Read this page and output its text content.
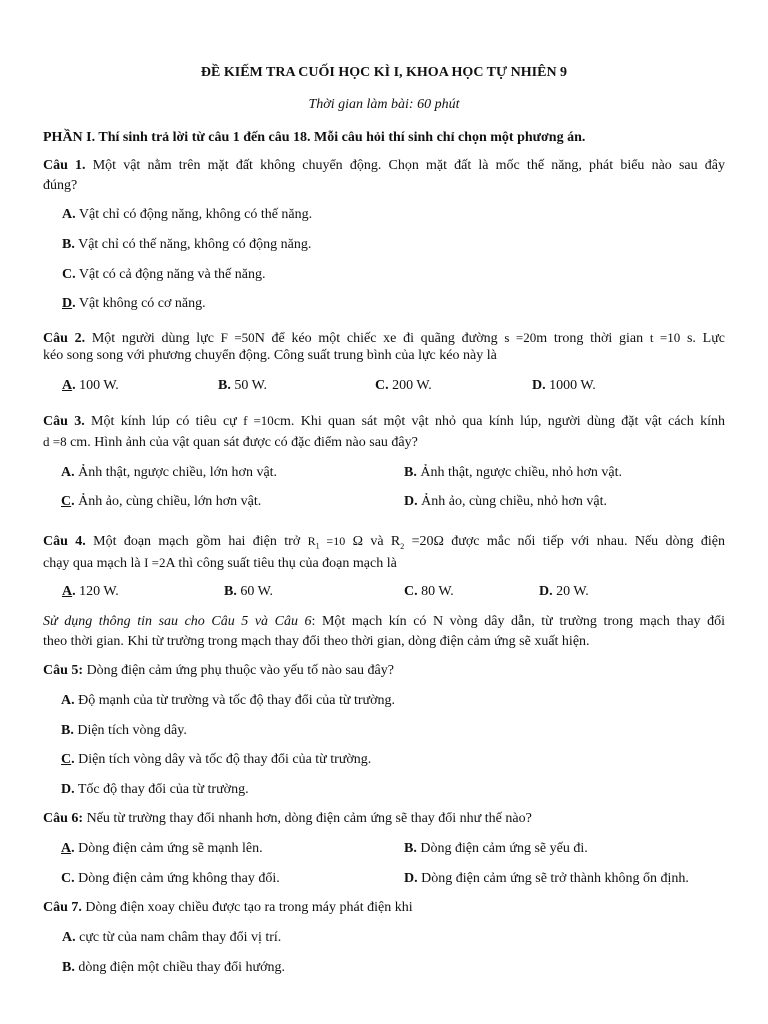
ĐỀ KIẾM TRA CUỐI HỌC KÌ I, KHOA HỌC TỰ NHIÊN 9
Thời gian làm bài: 60 phút
PHẦN I. Thí sinh trả lời từ câu 1 đến câu 18. Mỗi câu hỏi thí sinh chỉ chọn một phương án.
Câu 1. Một vật nằm trên mặt đất không chuyển động. Chọn mặt đất là mốc thế năng, phát biểu nào sau đây
đúng?
A. Vật chỉ có động năng, không có thế năng.
B. Vật chỉ có thế năng, không có động năng.
C. Vật có cả động năng và thế năng.
D. Vật không có cơ năng.
Câu 2. Một người dùng lực F =50N để kéo một chiếc xe đi quãng đường s =20m trong thời gian t =10 s. Lực
kéo song song với phương chuyển động. Công suất trung bình của lực kéo này là
A. 100 W.	B. 50 W.	C. 200 W.	D. 1000 W.
Câu 3. Một kính lúp có tiêu cự f =10cm. Khi quan sát một vật nhỏ qua kính lúp, người dùng đặt vật cách kính
d =8 cm. Hình ảnh của vật quan sát được có đặc điểm nào sau đây?
A. Ảnh thật, ngược chiều, lớn hơn vật.	B. Ảnh thật, ngược chiều, nhỏ hơn vật.
C. Ảnh ảo, cùng chiều, lớn hơn vật.	D. Ảnh ảo, cùng chiều, nhỏ hơn vật.
Câu 4. Một đoạn mạch gồm hai điện trở $R_1 =10$ Ω và $R_2 =20\Omega$ được mắc nối tiếp với nhau. Nếu dòng điện
chạy qua mạch là I =2A thì công suất tiêu thụ của đoạn mạch là
A. 120 W.	B. 60 W.	C. 80 W.	D. 20 W.
Sử dụng thông tin sau cho Câu 5 và Câu 6: Một mạch kín có N vòng dây dẫn, từ trường trong mạch thay đổi
theo thời gian. Khi từ trường trong mạch thay đổi theo thời gian, dòng điện cảm ứng sẽ xuất hiện.
Câu 5: Dòng điện cảm ứng phụ thuộc vào yếu tố nào sau đây?
A. Độ mạnh của từ trường và tốc độ thay đổi của từ trường.
B. Diện tích vòng dây.
C. Diện tích vòng dây và tốc độ thay đổi của từ trường.
D. Tốc độ thay đổi của từ trường.
Câu 6: Nếu từ trường thay đổi nhanh hơn, dòng điện cảm ứng sẽ thay đổi như thế nào?
A. Dòng điện cảm ứng sẽ mạnh lên.	B. Dòng điện cảm ứng sẽ yếu đi.
C. Dòng điện cảm ứng không thay đổi.	D. Dòng điện cảm ứng sẽ trở thành không ổn định.
Câu 7. Dòng điện xoay chiều được tạo ra trong máy phát điện khi
A. cực từ của nam châm thay đổi vị trí.
B. dòng điện một chiều thay đổi hướng.
